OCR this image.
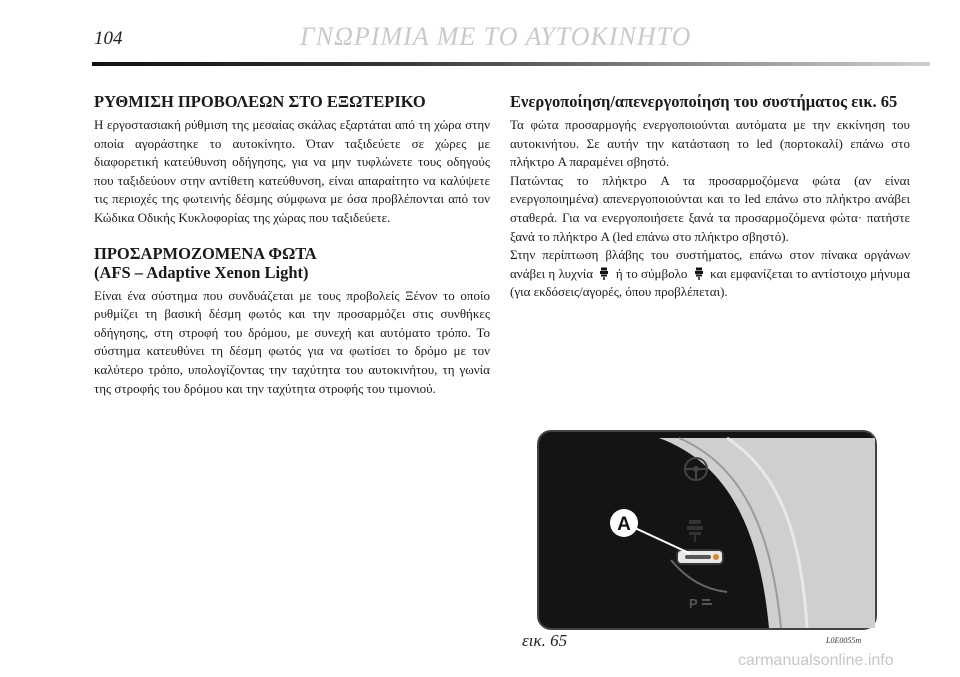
104	ΓΝΩΡΙΜΙΑ ΜΕ ΤΟ ΑΥΤΟΚΙΝΗΤΟ
ΡΥΘΜΙΣΗ ΠΡΟΒΟΛΕΩΝ ΣΤΟ ΕΞΩΤΕΡΙΚΟ

Η εργοστασιακή ρύθμιση της μεσαίας σκάλας εξαρτάται από τη χώρα στην οποία αγοράστηκε το αυτοκίνητο. Όταν ταξιδεύετε σε χώρες με διαφορετική κατεύθυνση οδήγησης, για να μην τυφλώνετε τους οδηγούς που ταξιδεύουν στην αντίθετη κατεύθυνση, είναι απαραίτητο να καλύψετε τις περιοχές της φωτεινής δέσμης σύμφωνα με όσα προβλέπονται από τον Κώδικα Οδικής Κυκλοφορίας της χώρας που ταξιδεύετε.

ΠΡΟΣΑΡΜΟΖΟΜΕΝΑ ΦΩΤΑ
(AFS – Adaptive Xenon Light)

Είναι ένα σύστημα που συνδυάζεται με τους προβολείς Ξένον το οποίο ρυθμίζει τη βασική δέσμη φωτός και την προσαρμόζει στις συνθήκες οδήγησης, στη στροφή του δρόμου, με συνεχή και αυτόματο τρόπο. Το σύστημα κατευθύνει τη δέσμη φωτός για να φωτίσει το δρόμο με τον καλύτερο τρόπο, υπολογίζοντας την ταχύτητα του αυτοκινήτου, τη γωνία της στροφής του δρόμου και την ταχύτητα στροφής του τιμονιού.

Ενεργοποίηση/απενεργοποίηση του συστήματος εικ. 65

Τα φώτα προσαρμογής ενεργοποιούνται αυτόματα με την εκκίνηση του αυτοκινήτου. Σε αυτήν την κατάσταση το led (πορτοκαλί) επάνω στο πλήκτρο A παραμένει σβηστό.

Πατώντας το πλήκτρο A τα προσαρμοζόμενα φώτα (αν είναι ενεργοποιημένα) απενεργοποιούνται και το led επάνω στο πλήκτρο ανάβει σταθερά. Για να ενεργοποιήσετε ξανά τα προσαρμοζόμενα φώτα· πατήστε ξανά το πλήκτρο A (led επάνω στο πλήκτρο σβηστό).

Στην περίπτωση βλάβης του συστήματος, επάνω στον πίνακα οργάνων ανάβει η λυχνία ή το σύμβολο και εμφανίζεται το αντίστοιχο μήνυμα (για εκδόσεις/αγορές, όπου προβλέπεται).

P
A
εικ. 65	L0E0055m
carmanualsonline.info
